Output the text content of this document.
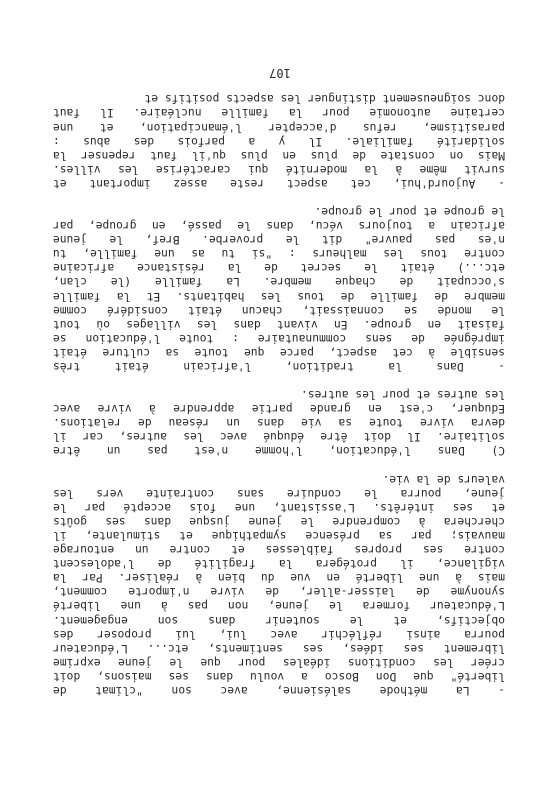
107
- La méthode salésienne, avec son "climat de
liberté" que Don Bosco a voulu dans ses maisons, doit
créer les conditions idéales pour que le jeune exprime
librement ses idées, ses sentiments, etc... L'éducateur
pourra ainsi réfléchir avec lui, lui proposer des
objectifs, et le soutenir dans son engagement.
L'éducateur formera le jeune, non pas à une liberté
synonyme de laisser-aller, de vivre n'importe comment,
mais à une liberté en vue du bien à réaliser. Par la
vigilance, il protégera la fragilité de l'adolescent
contre ses propres faiblesses et contre un entourage
mauvais; par sa présence sympathique et stimulante, il
cherchera à comprendre le jeune jusque dans ses goûts
et ses intérêts. L'assistant, une fois accepté par le
jeune, pourra le conduire sans contrainte vers les
valeurs de la vie.
C) Dans l'éducation, l'homme n'est pas un être
solitaire. Il doit être éduqué avec les autres, car il
devra vivre toute sa vie dans un réseau de relations.
Eduquer, c'est en grande partie apprendre à vivre avec
les autres et pour les autres.
- Dans la tradition, l'africain était très
sensible à cet aspect, parce que toute sa culture était
imprégnée de sens communautaire : toute l'éducation se
faisait en groupe. En vivant dans les villages où tout
le monde se connaissait, chacun était considéré comme
membre de famille de tous les habitants. Et la famille
s'occupait de chaque membre. La famille (le clan,
etc...) était le secret de la résistance africaine
contre tous les malheurs : "si tu as une famille, tu
n'es pas pauvre" dit le proverbe. Bref, le jeune
africain a toujours vécu, dans le passé, en groupe, par
le groupe et pour le groupe.
- Aujourd'hui, cet aspect reste assez important et
survit même à la modernité qui caractérise les villes.
Mais on constate de plus en plus qu'il faut repenser la
solidarité familiale. Il y a parfois des abus :
parasitisme, refus d'accepter l'émancipation, et une
certaine autonomie pour la famille nucléaire. Il faut
donc soigneusement distinguer les aspects positifs et
